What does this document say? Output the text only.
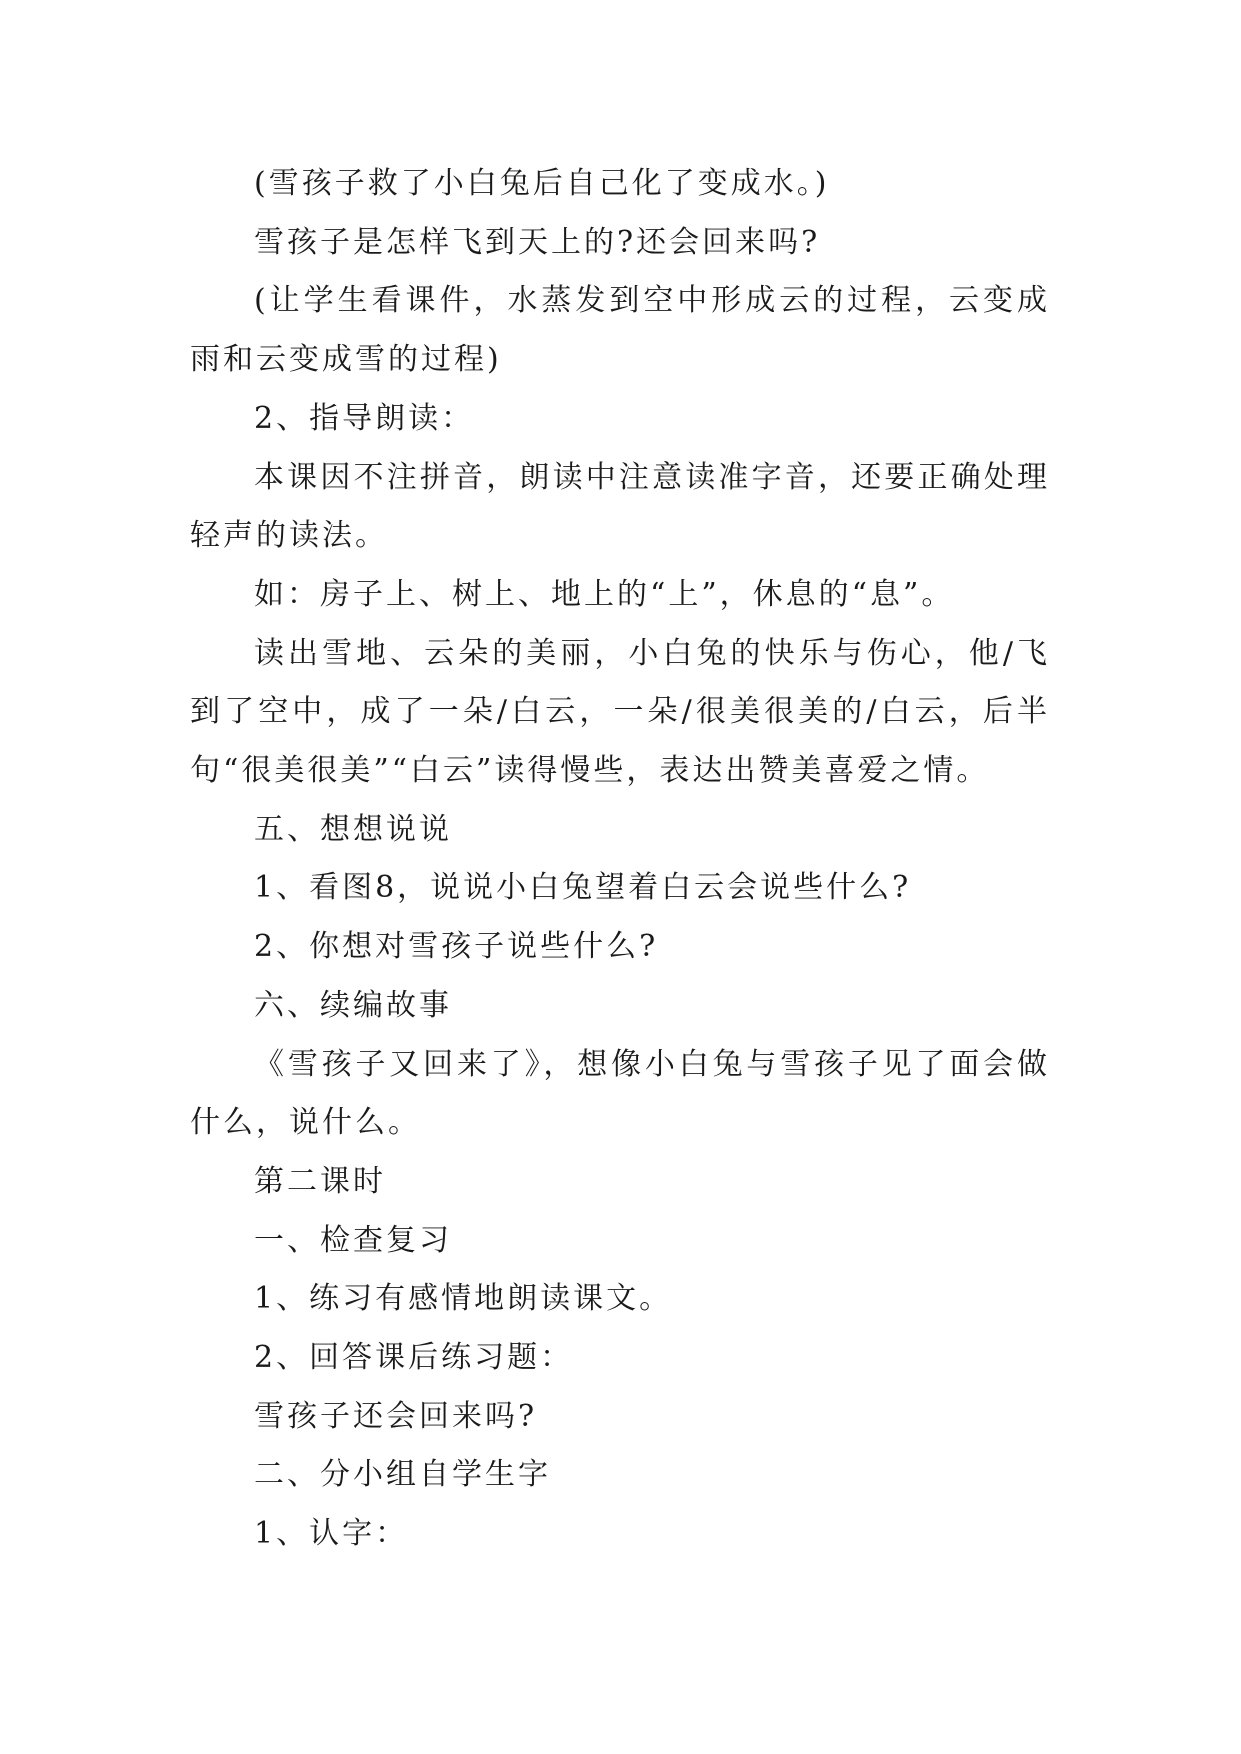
(雪孩子救了小白兔后自己化了变成水。)

雪孩子是怎样飞到天上的?还会回来吗?

(让学生看课件，水蒸发到空中形成云的过程，云变成雨和云变成雪的过程)

2、指导朗读：

本课因不注拼音，朗读中注意读准字音，还要正确处理轻声的读法。

如：房子上、树上、地上的“上”，休息的“息”。

读出雪地、云朵的美丽，小白兔的快乐与伤心，他/飞到了空中，成了一朵/白云，一朵/很美很美的/白云，后半句“很美很美”“白云”读得慢些，表达出赞美喜爱之情。

五、想想说说

1、看图8，说说小白兔望着白云会说些什么?

2、你想对雪孩子说些什么?

六、续编故事

《雪孩子又回来了》，想像小白兔与雪孩子见了面会做什么，说什么。

第二课时

一、检查复习

1、练习有感情地朗读课文。

2、回答课后练习题：

雪孩子还会回来吗?

二、分小组自学生字

1、认字：
